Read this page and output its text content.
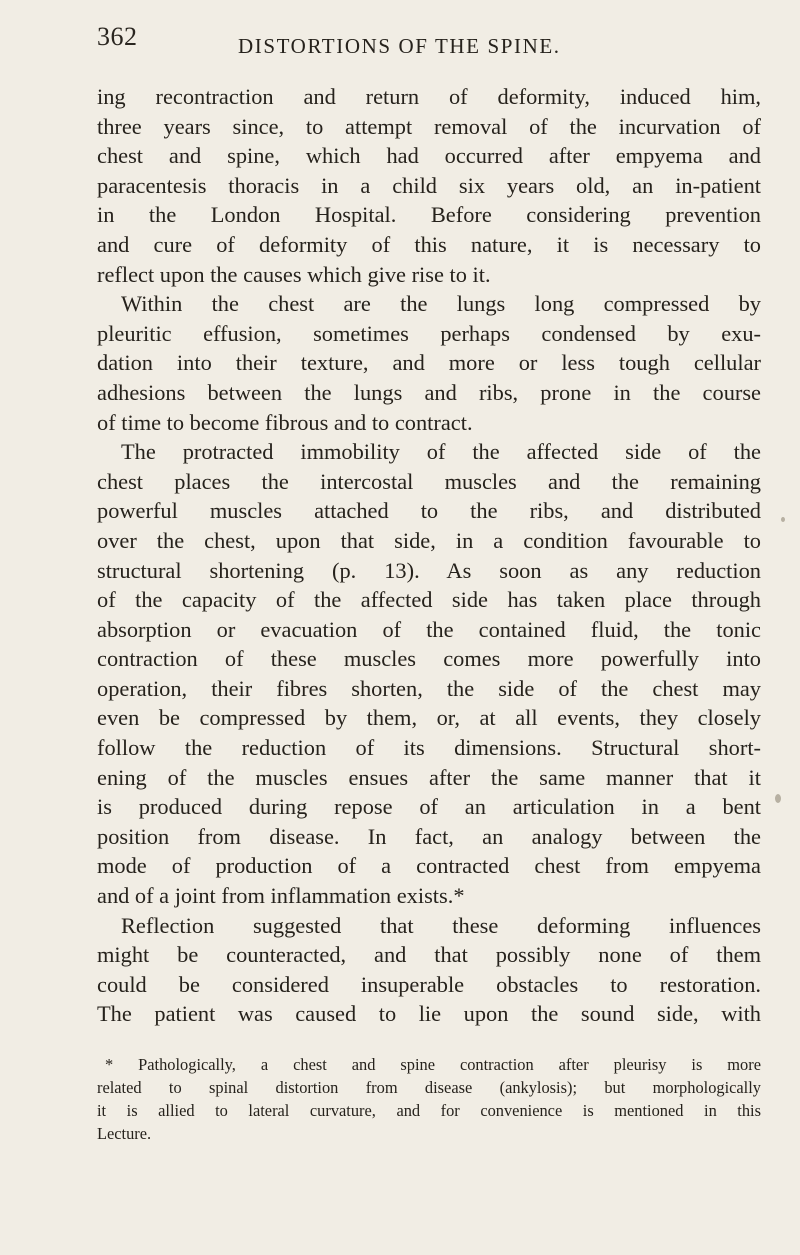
362	DISTORTIONS OF THE SPINE.
ing recontraction and return of deformity, induced him,
three years since, to attempt removal of the incurvation of
chest and spine, which had occurred after empyema and
paracentesis thoracis in a child six years old, an in-patient
in the London Hospital. Before considering prevention
and cure of deformity of this nature, it is necessary to
reflect upon the causes which give rise to it.
Within the chest are the lungs long compressed by
pleuritic effusion, sometimes perhaps condensed by exu-
dation into their texture, and more or less tough cellular
adhesions between the lungs and ribs, prone in the course
of time to become fibrous and to contract.
The protracted immobility of the affected side of the
chest places the intercostal muscles and the remaining
powerful muscles attached to the ribs, and distributed
over the chest, upon that side, in a condition favourable to
structural shortening (p. 13). As soon as any reduction
of the capacity of the affected side has taken place through
absorption or evacuation of the contained fluid, the tonic
contraction of these muscles comes more powerfully into
operation, their fibres shorten, the side of the chest may
even be compressed by them, or, at all events, they closely
follow the reduction of its dimensions. Structural short-
ening of the muscles ensues after the same manner that it
is produced during repose of an articulation in a bent
position from disease. In fact, an analogy between the
mode of production of a contracted chest from empyema
and of a joint from inflammation exists.*
Reflection suggested that these deforming influences
might be counteracted, and that possibly none of them
could be considered insuperable obstacles to restoration.
The patient was caused to lie upon the sound side, with
* Pathologically, a chest and spine contraction after pleurisy is more
related to spinal distortion from disease (ankylosis); but morphologically
it is allied to lateral curvature, and for convenience is mentioned in this
Lecture.
